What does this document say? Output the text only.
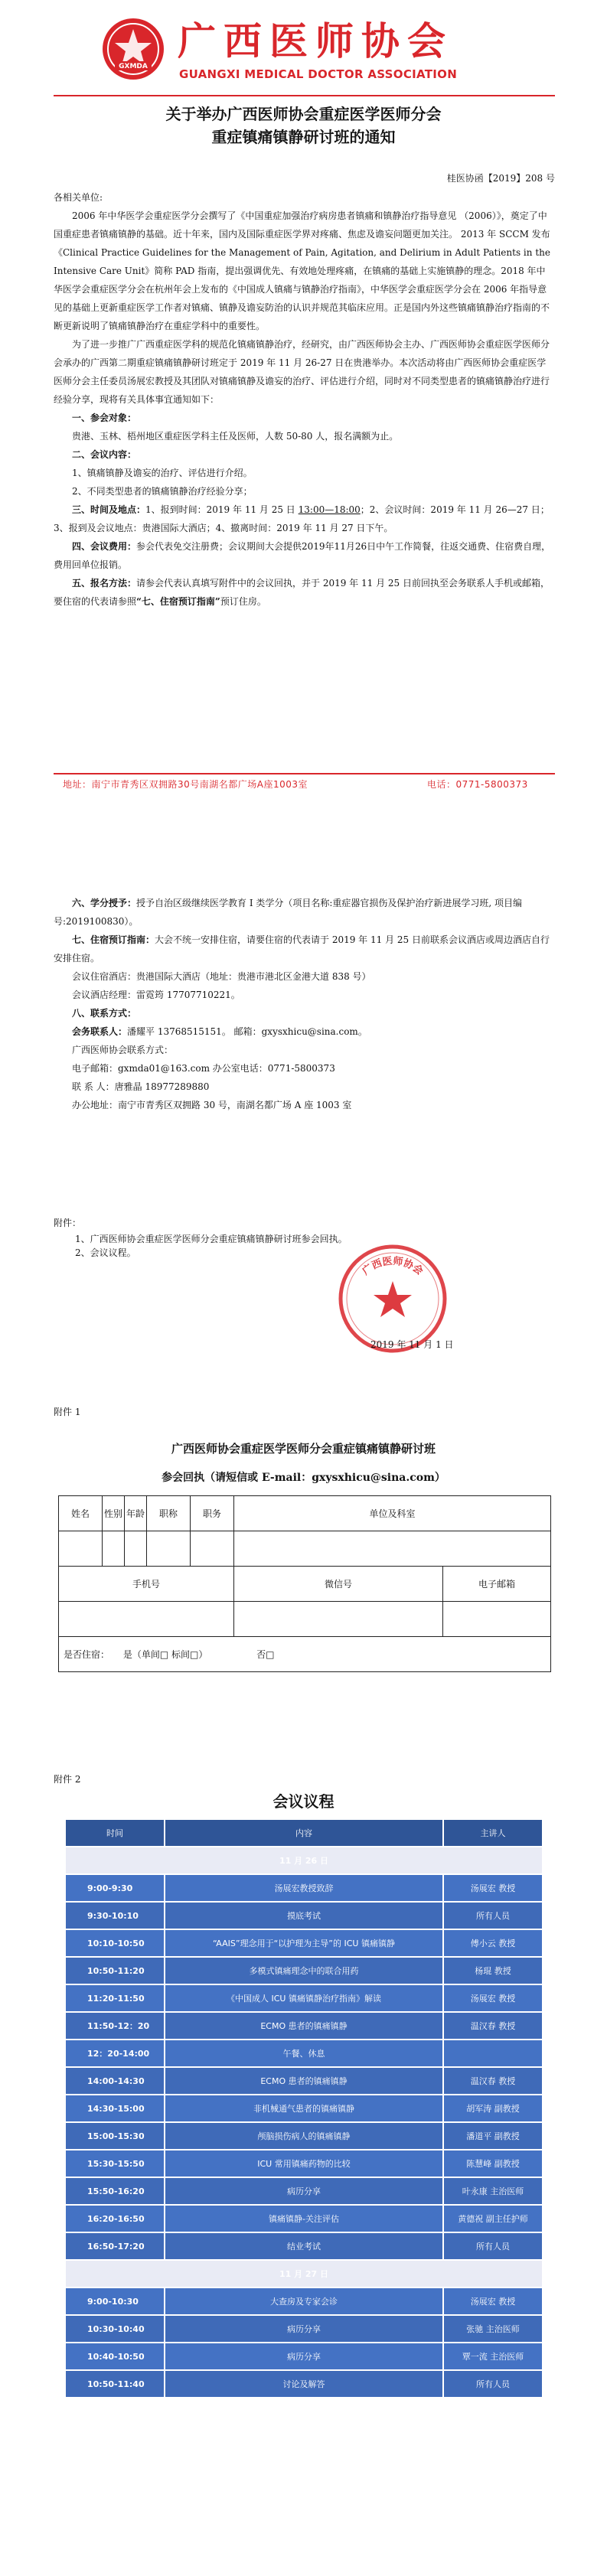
GXMDA
广西医师协会
GUANGXI MEDICAL DOCTOR ASSOCIATION
关于举办广西医师协会重症医学医师分会
重症镇痛镇静研讨班的通知
桂医协函【2019】208 号

各相关单位:

2006 年中华医学会重症医学分会撰写了《中国重症加强治疗病房患者镇痛和镇静治疗指导意见 （2006）》，奠定了中国重症患者镇痛镇静的基础。近十年来，国内及国际重症医学界对疼痛、焦虑及谵妄问题更加关注。 2013 年 SCCM 发布《Clinical Practice Guidelines for the Management of Pain, Agitation, and Delirium in Adult Patients in the Intensive Care Unit》简称 PAD 指南，提出强调优先、有效地处理疼痛，在镇痛的基础上实施镇静的理念。2018 年中华医学会重症医学分会在杭州年会上发布的《中国成人镇痛与镇静治疗指南》，中华医学会重症医学分会在 2006 年指导意见的基础上更新重症医学工作者对镇痛、镇静及谵妄防治的认识并规范其临床应用。正是国内外这些镇痛镇静治疗指南的不断更新说明了镇痛镇静治疗在重症学科中的重要性。

为了进一步推广广西重症医学科的规范化镇痛镇静治疗，经研究，由广西医师协会主办、广西医师协会重症医学医师分会承办的广西第二期重症镇痛镇静研讨班定于 2019 年 11 月 26-27 日在贵港举办。本次活动将由广西医师协会重症医学医师分会主任委员汤展宏教授及其团队对镇痛镇静及谵妄的治疗、评估进行介绍，同时对不同类型患者的镇痛镇静治疗进行经验分享，现将有关具体事宜通知如下：

一、参会对象：

贵港、玉林、梧州地区重症医学科主任及医师，人数 50-80 人，报名满额为止。

二、会议内容：

1、镇痛镇静及谵妄的治疗、评估进行介绍。

2、不同类型患者的镇痛镇静治疗经验分享；

三、时间及地点：1、报到时间：2019 年 11 月 25 日 13:00—18:00；2、会议时间：2019 年 11 月 26—27 日；3、报到及会议地点：贵港国际大酒店；4、撤离时间：2019 年 11 月 27 日下午。

四、会议费用：参会代表免交注册费；会议期间大会提供2019年11月26日中午工作简餐，往返交通费、住宿费自理，费用回单位报销。

五、报名方法：请参会代表认真填写附件中的会议回执，并于 2019 年 11 月 25 日前回执至会务联系人手机或邮箱，要住宿的代表请参照“七、住宿预订指南”预订住房。

地址：南宁市青秀区双拥路30号南湖名都广场A座1003室	电话：0771-5800373

六、学分授予：授予自治区级继续医学教育 I 类学分（项目名称:重症器官损伤及保护治疗新进展学习班, 项目编号:2019100830）。

七、住宿预订指南：大会不统一安排住宿，请要住宿的代表请于 2019 年 11 月 25 日前联系会议酒店或周边酒店自行安排住宿。

会议住宿酒店：贵港国际大酒店（地址：贵港市港北区金港大道 838 号）

会议酒店经理：雷霓筠 17707710221。

八、联系方式：

会务联系人：潘耀平 13768515151。 邮箱：gxysxhicu@sina.com。

广西医师协会联系方式：

电子邮箱：gxmda01@163.com 办公室电话：0771-5800373

联 系 人：唐雅晶 18977289880

办公地址：南宁市青秀区双拥路 30 号，南湖名都广场 A 座 1003 室

附件：

1、广西医师协会重症医学医师分会重症镇痛镇静研讨班参会回执。

2、会议议程。

广西医师协会
2019 年 11 月 1 日
附件 1
广西医师协会重症医学医师分会重症镇痛镇静研讨班
参会回执（请短信或 E-mail：gxysxhicu@sina.com）
姓名	性别	年龄	职称	职务	单位及科室	

手机号					微信号	电子邮箱

是否住宿： 是（单间□ 标间□） 否□						
附件 2
会议议程
时间	内容	主讲人
11 月 26 日		
9:00-9:30	汤展宏教授致辞	汤展宏 教授
9:30-10:10	摸底考试	所有人员
10:10-10:50	“AAIS”理念用于“以护理为主导”的 ICU 镇痛镇静	傅小云 教授
10:50-11:20	多模式镇痛理念中的联合用药	杨琨 教授
11:20-11:50	《中国成人 ICU 镇痛镇静治疗指南》解读	汤展宏 教授
11:50-12：20	ECMO 患者的镇痛镇静	温汉春 教授
12：20-14:00	午餐、休息	
14:00-14:30	ECMO 患者的镇痛镇静	温汉春 教授
14:30-15:00	非机械通气患者的镇痛镇静	胡军涛 副教授
15:00-15:30	颅脑损伤病人的镇痛镇静	潘道平 副教授
15:30-15:50	ICU 常用镇痛药物的比较	陈慧峰 副教授
15:50-16:20	病历分享	叶永康 主治医师
16:20-16:50	镇痛镇静-关注评估	黄德祝 副主任护师
16:50-17:20	结业考试	所有人员
11 月 27 日		
9:00-10:30	大查房及专家会诊	汤展宏 教授
10:30-10:40	病历分享	张驰 主治医师
10:40-10:50	病历分享	覃一流 主治医师
10:50-11:40	讨论及解答	所有人员
